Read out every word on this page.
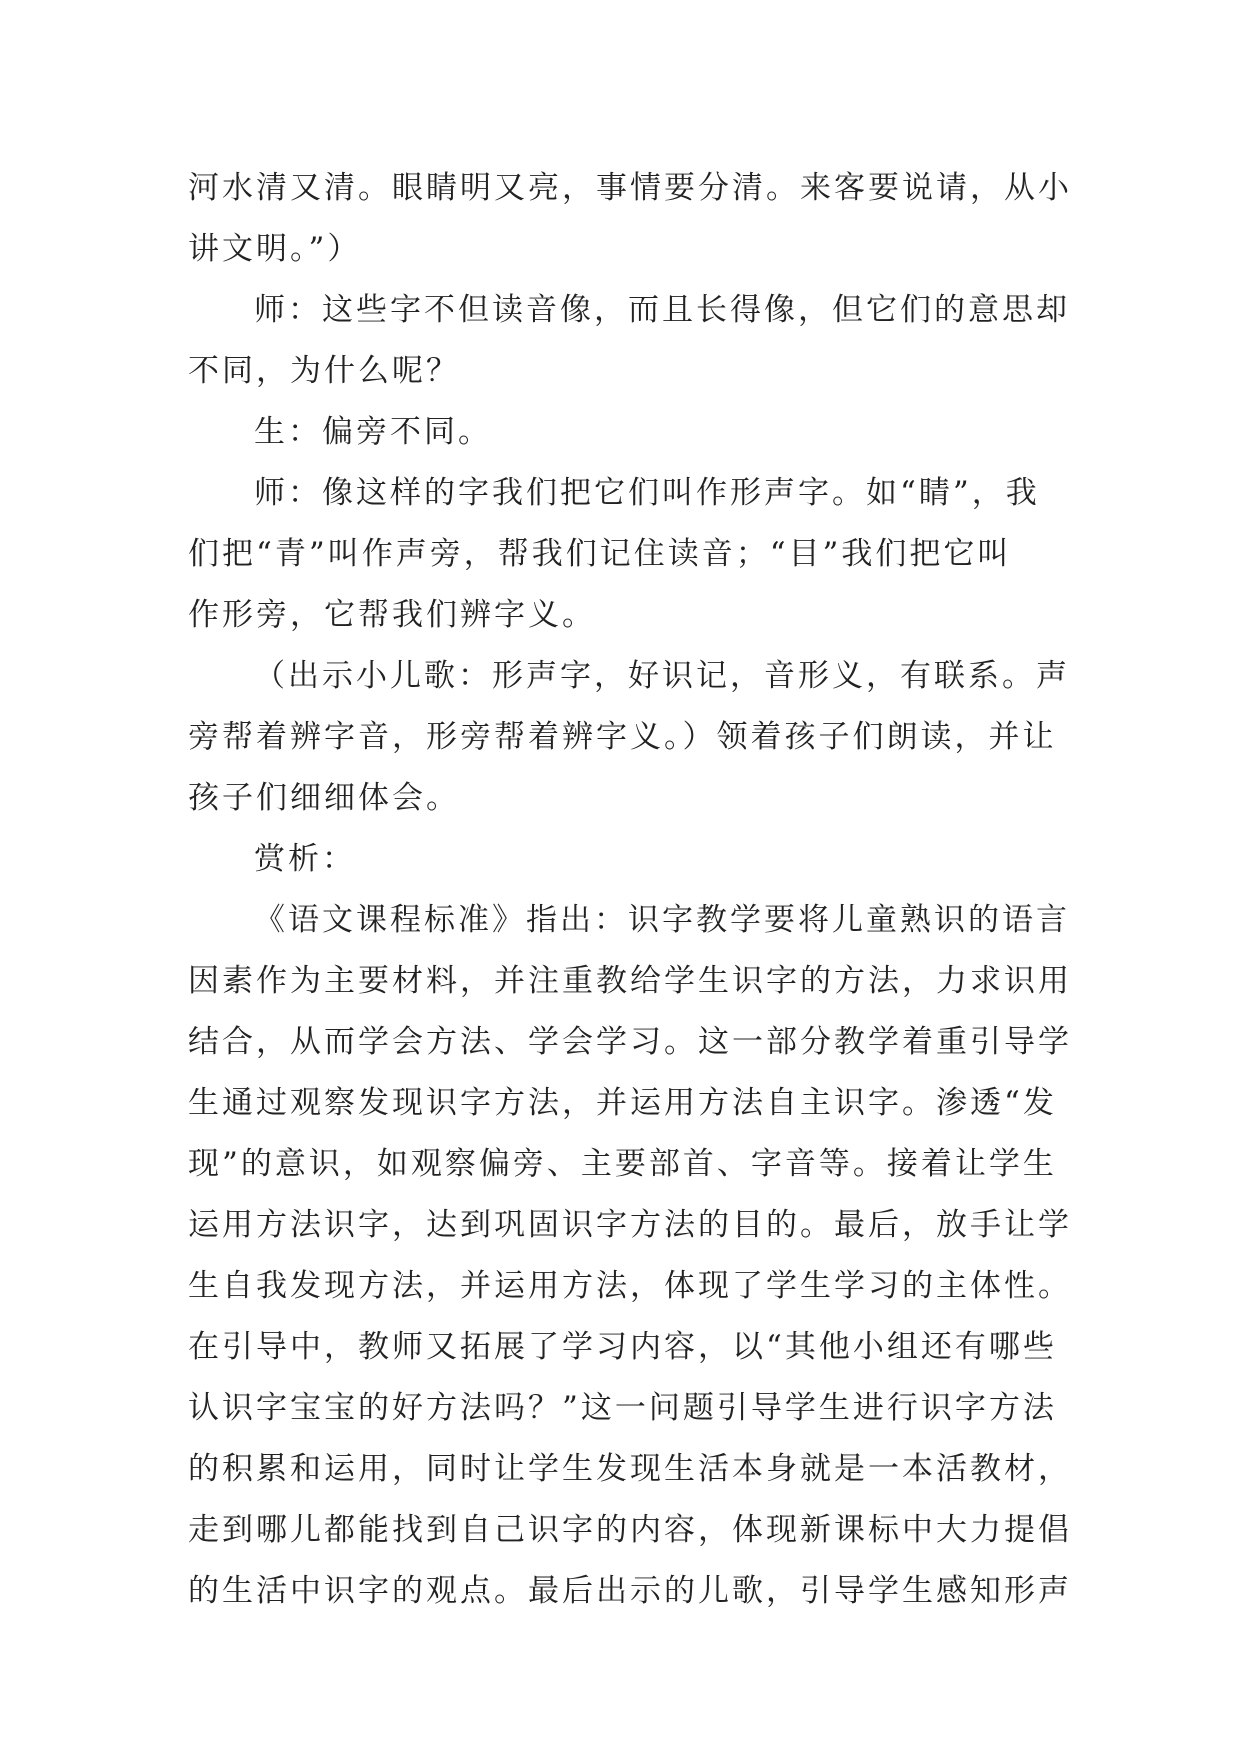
河水清又清。眼睛明又亮，事情要分清。来客要说请，从小
讲文明。”）
师：这些字不但读音像，而且长得像，但它们的意思却
不同，为什么呢？
生：偏旁不同。
师：像这样的字我们把它们叫作形声字。如“睛”，我
们把“青”叫作声旁，帮我们记住读音；“目”我们把它叫
作形旁，它帮我们辨字义。
（出示小儿歌：形声字，好识记，音形义，有联系。声
旁帮着辨字音，形旁帮着辨字义。）领着孩子们朗读，并让
孩子们细细体会。
赏析：
《语文课程标准》指出：识字教学要将儿童熟识的语言
因素作为主要材料，并注重教给学生识字的方法，力求识用
结合，从而学会方法、学会学习。这一部分教学着重引导学
生通过观察发现识字方法，并运用方法自主识字。渗透“发
现”的意识，如观察偏旁、主要部首、字音等。接着让学生
运用方法识字，达到巩固识字方法的目的。最后，放手让学
生自我发现方法，并运用方法，体现了学生学习的主体性。
在引导中，教师又拓展了学习内容，以“其他小组还有哪些
认识字宝宝的好方法吗？”这一问题引导学生进行识字方法
的积累和运用，同时让学生发现生活本身就是一本活教材，
走到哪儿都能找到自己识字的内容，体现新课标中大力提倡
的生活中识字的观点。最后出示的儿歌，引导学生感知形声
